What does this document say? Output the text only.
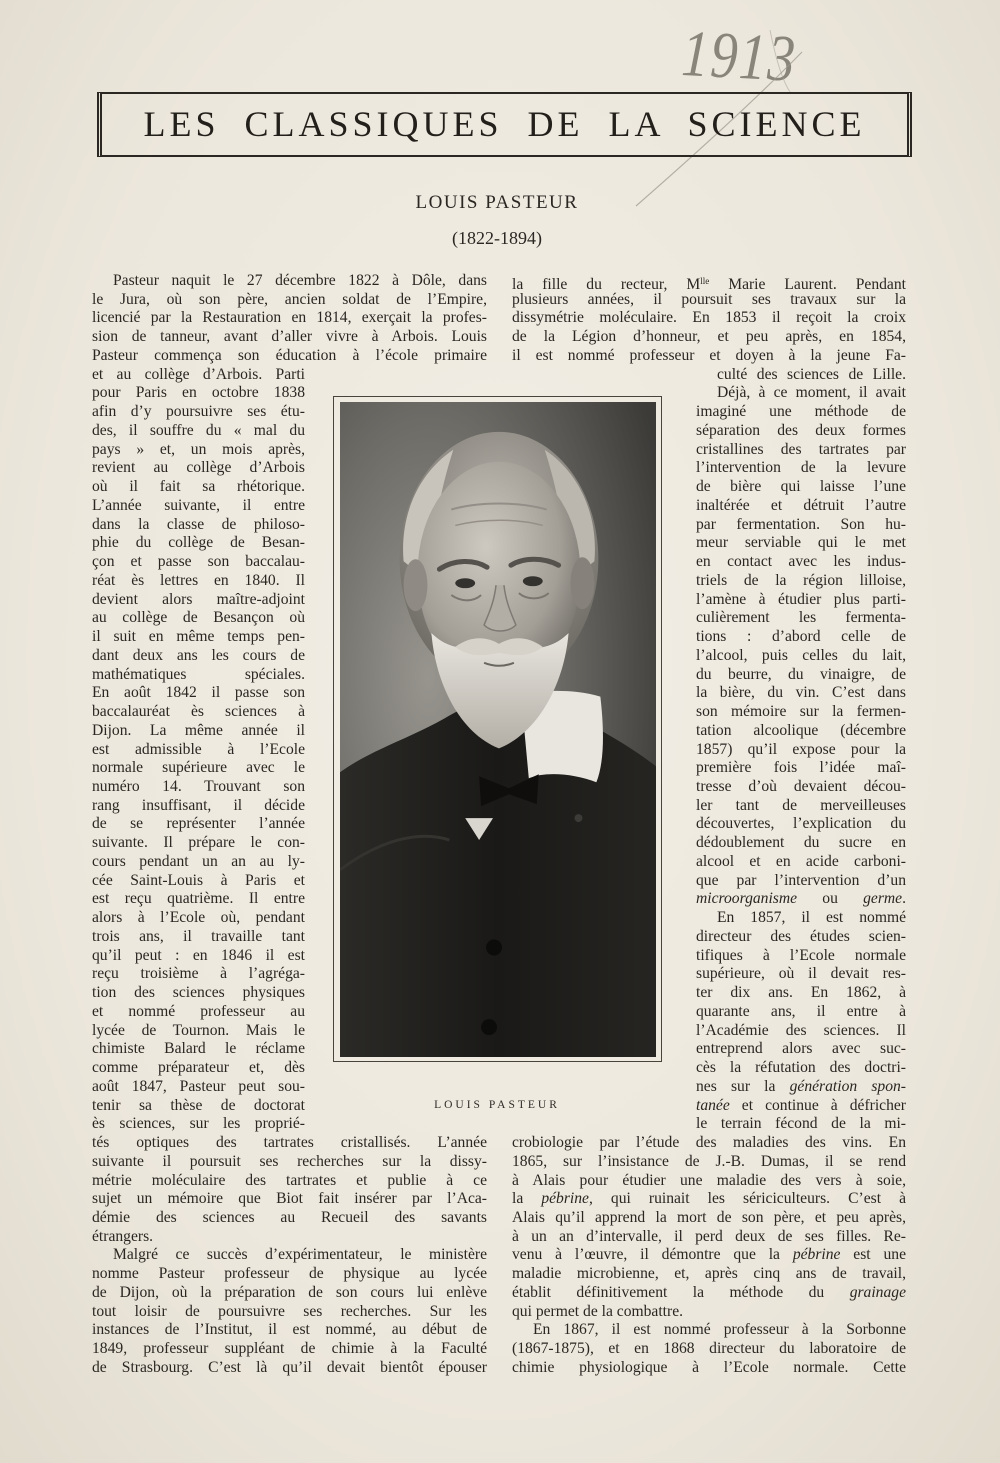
1913
LES CLASSIQUES DE LA SCIENCE
LOUIS PASTEUR
(1822-1894)
Pasteur naquit le 27 décembre 1822 à Dôle, dans
le Jura, où son père, ancien soldat de l’Empire,
licencié par la Restauration en 1814, exerçait la profes-
sion de tanneur, avant d’aller vivre à Arbois. Louis
Pasteur commença son éducation à l’école primaire
et au collège d’Arbois. Parti
pour Paris en octobre 1838
afin d’y poursuivre ses étu-
des, il souffre du « mal du
pays » et, un mois après,
revient au collège d’Arbois
où il fait sa rhétorique.
L’année suivante, il entre
dans la classe de philoso-
phie du collège de Besan-
çon et passe son baccalau-
réat ès lettres en 1840. Il
devient alors maître-adjoint
au collège de Besançon où
il suit en même temps pen-
dant deux ans les cours de
mathématiques spéciales.
En août 1842 il passe son
baccalauréat ès sciences à
Dijon. La même année il
est admissible à l’Ecole
normale supérieure avec le
numéro 14. Trouvant son
rang insuffisant, il décide
de se représenter l’année
suivante. Il prépare le con-
cours pendant un an au ly-
cée Saint-Louis à Paris et
est reçu quatrième. Il entre
alors à l’Ecole où, pendant
trois ans, il travaille tant
qu’il peut : en 1846 il est
reçu troisième à l’agréga-
tion des sciences physiques
et nommé professeur au
lycée de Tournon. Mais le
chimiste Balard le réclame
comme préparateur et, dès
août 1847, Pasteur peut sou-
tenir sa thèse de doctorat
ès sciences, sur les proprié-
tés optiques des tartrates cristallisés. L’année
suivante il poursuit ses recherches sur la dissy-
métrie moléculaire des tartrates et publie à ce
sujet un mémoire que Biot fait insérer par l’Aca-
démie des sciences au Recueil des savants
étrangers.
Malgré ce succès d’expérimentateur, le ministère
nomme Pasteur professeur de physique au lycée
de Dijon, où la préparation de son cours lui enlève
tout loisir de poursuivre ses recherches. Sur les
instances de l’Institut, il est nommé, au début de
1849, professeur suppléant de chimie à la Faculté
de Strasbourg. C’est là qu’il devait bientôt épouser
la fille du recteur, $M^{lle}$ Marie Laurent. Pendant
plusieurs années, il poursuit ses travaux sur la
dissymétrie moléculaire. En 1853 il reçoit la croix
de la Légion d’honneur, et peu après, en 1854,
il est nommé professeur et doyen à la jeune Fa-
culté des sciences de Lille.
Déjà, à ce moment, il avait
imaginé une méthode de
séparation des deux formes
cristallines des tartrates par
l’intervention de la levure
de bière qui laisse l’une
inaltérée et détruit l’autre
par fermentation. Son hu-
meur serviable qui le met
en contact avec les indus-
triels de la région lilloise,
l’amène à étudier plus parti-
culièrement les fermenta-
tions : d’abord celle de
l’alcool, puis celles du lait,
du beurre, du vinaigre, de
la bière, du vin. C’est dans
son mémoire sur la fermen-
tation alcoolique (décembre
1857) qu’il expose pour la
première fois l’idée maî-
tresse d’où devaient décou-
ler tant de merveilleuses
découvertes, l’explication du
dédoublement du sucre en
alcool et en acide carboni-
que par l’intervention d’un
microorganisme ou germe.
En 1857, il est nommé
directeur des études scien-
tifiques à l’Ecole normale
supérieure, où il devait res-
ter dix ans. En 1862, à
quarante ans, il entre à
l’Académie des sciences. Il
entreprend alors avec suc-
cès la réfutation des doctri-
nes sur la génération spon-
tanée et continue à défricher
le terrain fécond de la mi-
crobiologie par l’étude des maladies des vins. En
1865, sur l’insistance de J.-B. Dumas, il se rend
à Alais pour étudier une maladie des vers à soie,
la pébrine, qui ruinait les sériciculteurs. C’est à
Alais qu’il apprend la mort de son père, et peu après,
à un an d’intervalle, il perd deux de ses filles. Re-
venu à l’œuvre, il démontre que la pébrine est une
maladie microbienne, et, après cinq ans de travail,
établit définitivement la méthode du grainage
qui permet de la combattre.
En 1867, il est nommé professeur à la Sorbonne
(1867-1875), et en 1868 directeur du laboratoire de
chimie physiologique à l’Ecole normale. Cette
LOUIS PASTEUR
